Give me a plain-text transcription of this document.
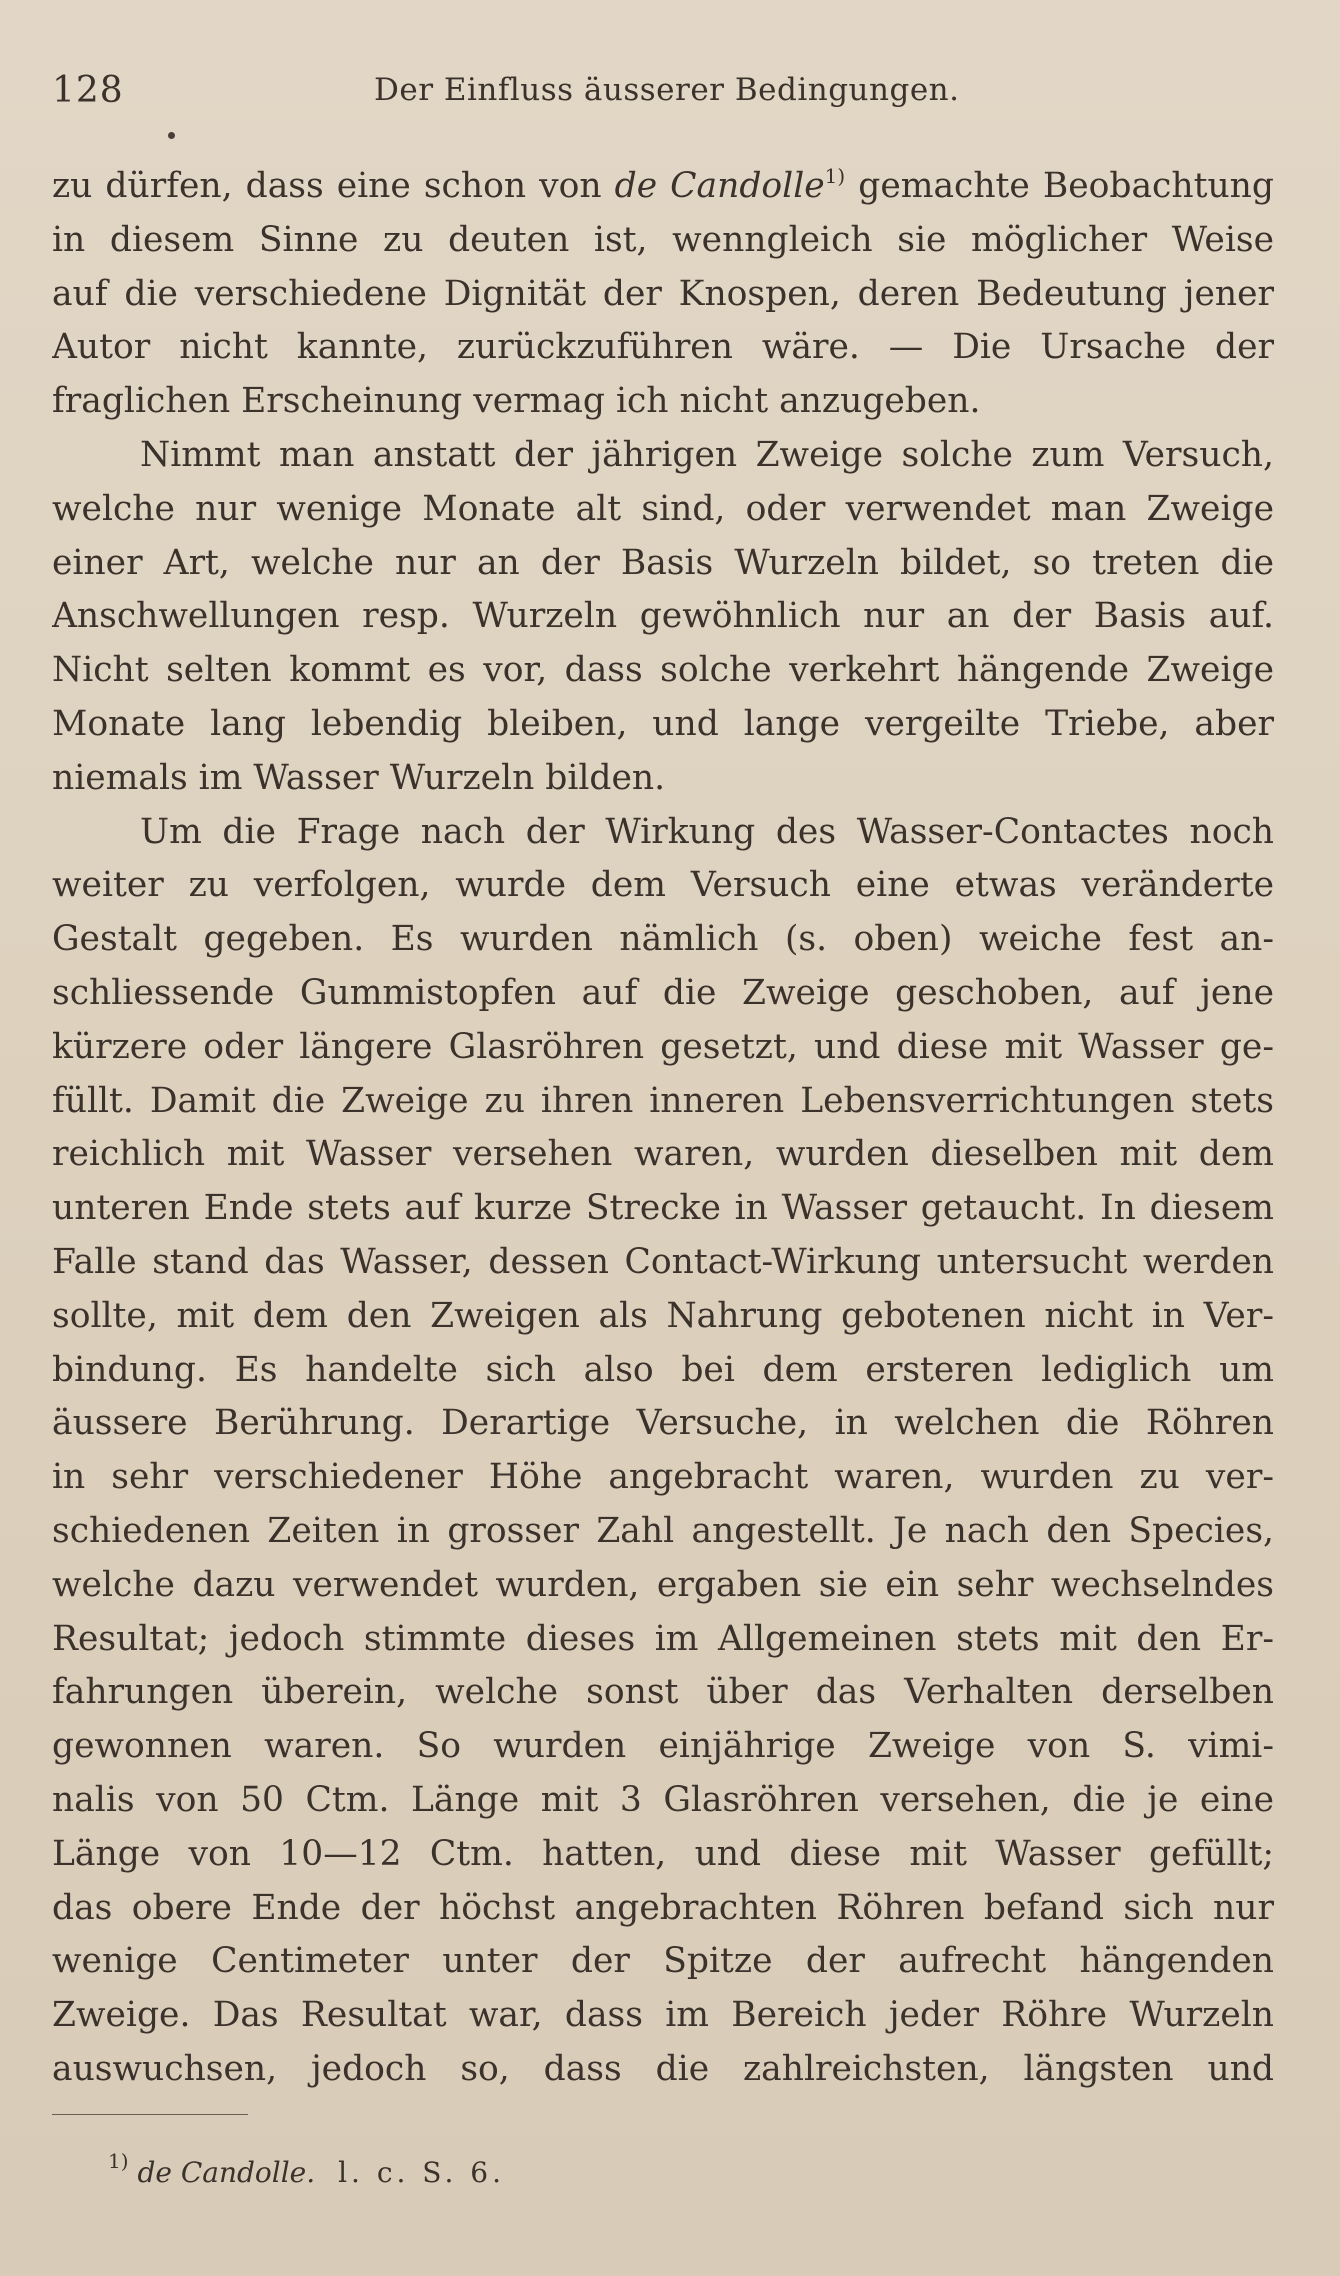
128	Der Einfluss äusserer Bedingungen.
zu dürfen, dass eine schon von de Candolle$^{1)}$ gemachte Beobachtung
in diesem Sinne zu deuten ist, wenngleich sie möglicher Weise
auf die verschiedene Dignität der Knospen, deren Bedeutung jener
Autor nicht kannte, zurückzuführen wäre. — Die Ursache der
fraglichen Erscheinung vermag ich nicht anzugeben.
Nimmt man anstatt der jährigen Zweige solche zum Versuch,
welche nur wenige Monate alt sind, oder verwendet man Zweige
einer Art, welche nur an der Basis Wurzeln bildet, so treten die
Anschwellungen resp. Wurzeln gewöhnlich nur an der Basis auf.
Nicht selten kommt es vor, dass solche verkehrt hängende Zweige
Monate lang lebendig bleiben, und lange vergeilte Triebe, aber
niemals im Wasser Wurzeln bilden.
Um die Frage nach der Wirkung des Wasser-Contactes noch
weiter zu verfolgen, wurde dem Versuch eine etwas veränderte
Gestalt gegeben. Es wurden nämlich (s. oben) weiche fest an-
schliessende Gummistopfen auf die Zweige geschoben, auf jene
kürzere oder längere Glasröhren gesetzt, und diese mit Wasser ge-
füllt. Damit die Zweige zu ihren inneren Lebensverrichtungen stets
reichlich mit Wasser versehen waren, wurden dieselben mit dem
unteren Ende stets auf kurze Strecke in Wasser getaucht. In diesem
Falle stand das Wasser, dessen Contact-Wirkung untersucht werden
sollte, mit dem den Zweigen als Nahrung gebotenen nicht in Ver-
bindung. Es handelte sich also bei dem ersteren lediglich um
äussere Berührung. Derartige Versuche, in welchen die Röhren
in sehr verschiedener Höhe angebracht waren, wurden zu ver-
schiedenen Zeiten in grosser Zahl angestellt. Je nach den Species,
welche dazu verwendet wurden, ergaben sie ein sehr wechselndes
Resultat; jedoch stimmte dieses im Allgemeinen stets mit den Er-
fahrungen überein, welche sonst über das Verhalten derselben
gewonnen waren. So wurden einjährige Zweige von S. vimi-
nalis von 50 Ctm. Länge mit 3 Glasröhren versehen, die je eine
Länge von 10—12 Ctm. hatten, und diese mit Wasser gefüllt;
das obere Ende der höchst angebrachten Röhren befand sich nur
wenige Centimeter unter der Spitze der aufrecht hängenden
Zweige. Das Resultat war, dass im Bereich jeder Röhre Wurzeln
auswuchsen, jedoch so, dass die zahlreichsten, längsten und
$^{1)}$ de Candolle. l. c. S. 6.
